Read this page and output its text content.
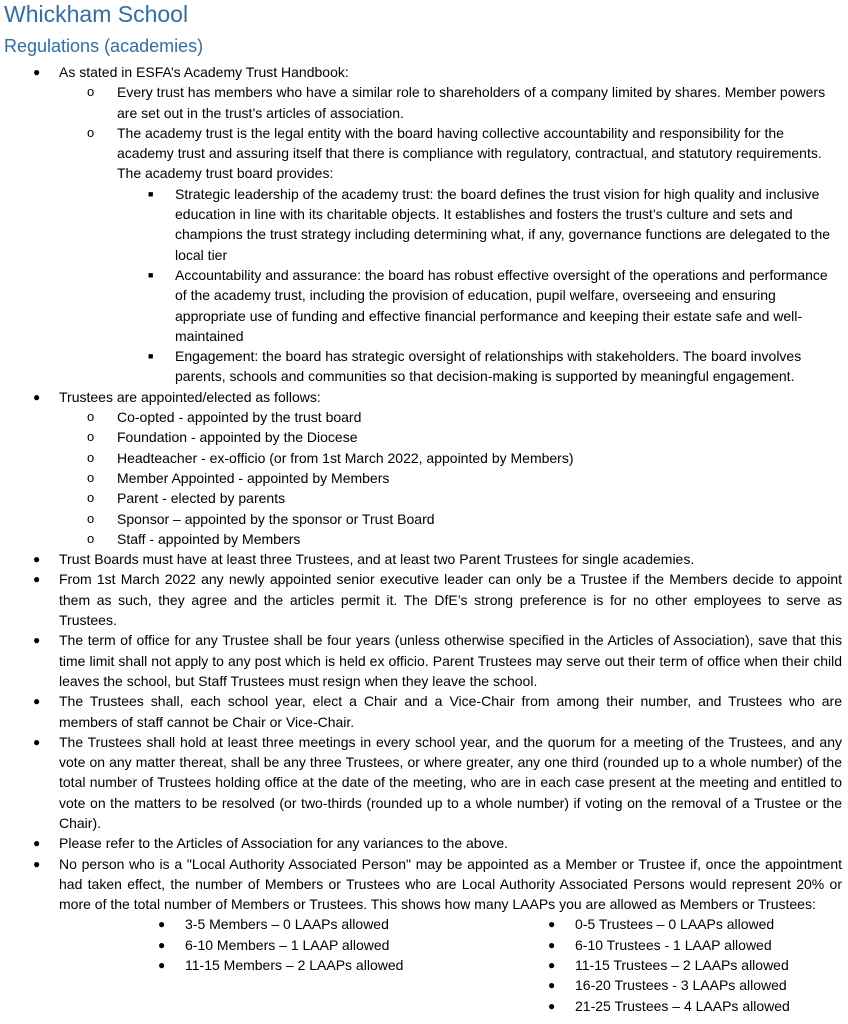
Whickham School
Regulations (academies)
● As stated in ESFA’s Academy Trust Handbook:
o Every trust has members who have a similar role to shareholders of a company limited by shares. Member powers are set out in the trust’s articles of association.
o The academy trust is the legal entity with the board having collective accountability and responsibility for the academy trust and assuring itself that there is compliance with regulatory, contractual, and statutory requirements. The academy trust board provides:
■ Strategic leadership of the academy trust: the board defines the trust vision for high quality and inclusive education in line with its charitable objects. It establishes and fosters the trust’s culture and sets and champions the trust strategy including determining what, if any, governance functions are delegated to the local tier
■ Accountability and assurance: the board has robust effective oversight of the operations and performance of the academy trust, including the provision of education, pupil welfare, overseeing and ensuring appropriate use of funding and effective financial performance and keeping their estate safe and well-maintained
■ Engagement: the board has strategic oversight of relationships with stakeholders. The board involves parents, schools and communities so that decision-making is supported by meaningful engagement.
● Trustees are appointed/elected as follows:
o Co-opted - appointed by the trust board
o Foundation - appointed by the Diocese
o Headteacher - ex-officio (or from 1st March 2022, appointed by Members)
o Member Appointed - appointed by Members
o Parent - elected by parents
o Sponsor – appointed by the sponsor or Trust Board
o Staff - appointed by Members
● Trust Boards must have at least three Trustees, and at least two Parent Trustees for single academies.
● From 1st March 2022 any newly appointed senior executive leader can only be a Trustee if the Members decide to appoint them as such, they agree and the articles permit it. The DfE’s strong preference is for no other employees to serve as Trustees.
● The term of office for any Trustee shall be four years (unless otherwise specified in the Articles of Association), save that this time limit shall not apply to any post which is held ex officio. Parent Trustees may serve out their term of office when their child leaves the school, but Staff Trustees must resign when they leave the school.
● The Trustees shall, each school year, elect a Chair and a Vice-Chair from among their number, and Trustees who are members of staff cannot be Chair or Vice-Chair.
● The Trustees shall hold at least three meetings in every school year, and the quorum for a meeting of the Trustees, and any vote on any matter thereat, shall be any three Trustees, or where greater, any one third (rounded up to a whole number) of the total number of Trustees holding office at the date of the meeting, who are in each case present at the meeting and entitled to vote on the matters to be resolved (or two-thirds (rounded up to a whole number) if voting on the removal of a Trustee or the Chair).
● Please refer to the Articles of Association for any variances to the above.
● No person who is a "Local Authority Associated Person" may be appointed as a Member or Trustee if, once the appointment had taken effect, the number of Members or Trustees who are Local Authority Associated Persons would represent 20% or more of the total number of Members or Trustees. This shows how many LAAPs you are allowed as Members or Trustees:
● 3-5 Members – 0 LAAPs allowed
● 6-10 Members – 1 LAAP allowed
● 11-15 Members – 2 LAAPs allowed
● 0-5 Trustees – 0 LAAPs allowed
● 6-10 Trustees - 1 LAAP allowed
● 11-15 Trustees – 2 LAAPs allowed
● 16-20 Trustees - 3 LAAPs allowed
● 21-25 Trustees – 4 LAAPs allowed
